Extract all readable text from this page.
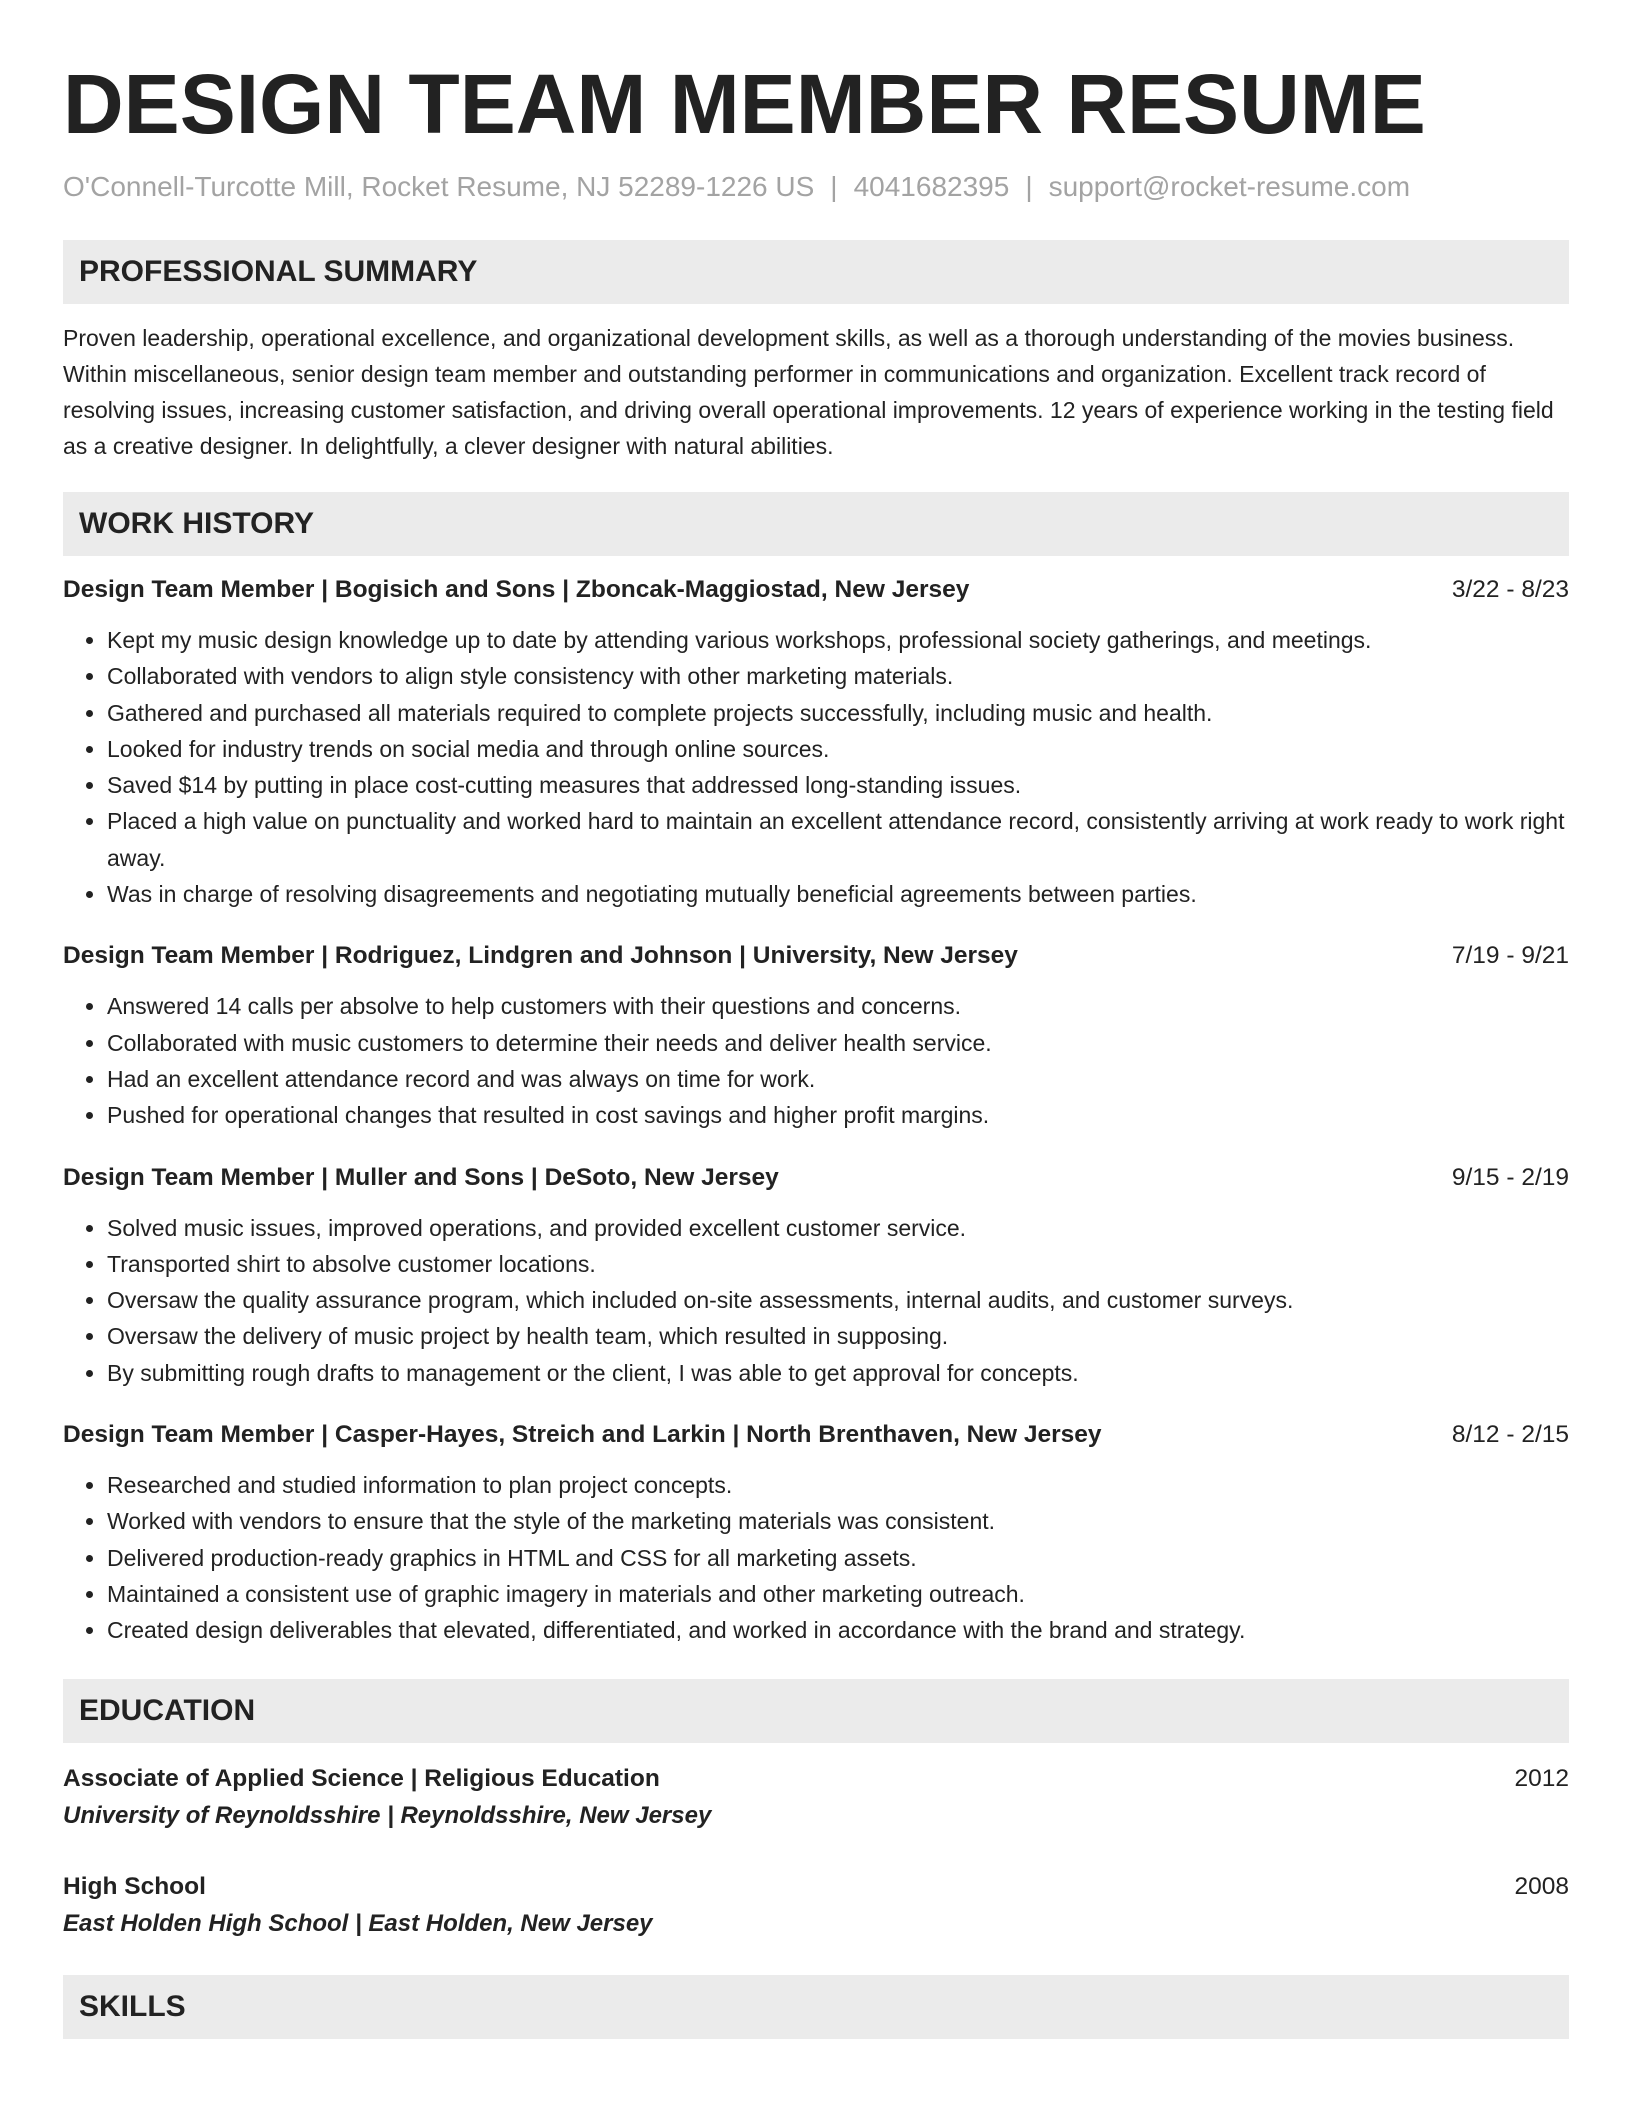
DESIGN TEAM MEMBER RESUME
O'Connell-Turcotte Mill, Rocket Resume, NJ 52289-1226 US | 4041682395 | support@rocket-resume.com
PROFESSIONAL SUMMARY
Proven leadership, operational excellence, and organizational development skills, as well as a thorough understanding of the movies business. Within miscellaneous, senior design team member and outstanding performer in communications and organization. Excellent track record of resolving issues, increasing customer satisfaction, and driving overall operational improvements. 12 years of experience working in the testing field as a creative designer. In delightfully, a clever designer with natural abilities.
WORK HISTORY
Design Team Member | Bogisich and Sons | Zboncak-Maggiostad, New Jersey	3/22 - 8/23
• Kept my music design knowledge up to date by attending various workshops, professional society gatherings, and meetings.
• Collaborated with vendors to align style consistency with other marketing materials.
• Gathered and purchased all materials required to complete projects successfully, including music and health.
• Looked for industry trends on social media and through online sources.
• Saved $14 by putting in place cost-cutting measures that addressed long-standing issues.
• Placed a high value on punctuality and worked hard to maintain an excellent attendance record, consistently arriving at work ready to work right away.
• Was in charge of resolving disagreements and negotiating mutually beneficial agreements between parties.
Design Team Member | Rodriguez, Lindgren and Johnson | University, New Jersey	7/19 - 9/21
• Answered 14 calls per absolve to help customers with their questions and concerns.
• Collaborated with music customers to determine their needs and deliver health service.
• Had an excellent attendance record and was always on time for work.
• Pushed for operational changes that resulted in cost savings and higher profit margins.
Design Team Member | Muller and Sons | DeSoto, New Jersey	9/15 - 2/19
• Solved music issues, improved operations, and provided excellent customer service.
• Transported shirt to absolve customer locations.
• Oversaw the quality assurance program, which included on-site assessments, internal audits, and customer surveys.
• Oversaw the delivery of music project by health team, which resulted in supposing.
• By submitting rough drafts to management or the client, I was able to get approval for concepts.
Design Team Member | Casper-Hayes, Streich and Larkin | North Brenthaven, New Jersey	8/12 - 2/15
• Researched and studied information to plan project concepts.
• Worked with vendors to ensure that the style of the marketing materials was consistent.
• Delivered production-ready graphics in HTML and CSS for all marketing assets.
• Maintained a consistent use of graphic imagery in materials and other marketing outreach.
• Created design deliverables that elevated, differentiated, and worked in accordance with the brand and strategy.
EDUCATION
Associate of Applied Science | Religious Education	2012
University of Reynoldsshire | Reynoldsshire, New Jersey
High School	2008
East Holden High School | East Holden, New Jersey
SKILLS
